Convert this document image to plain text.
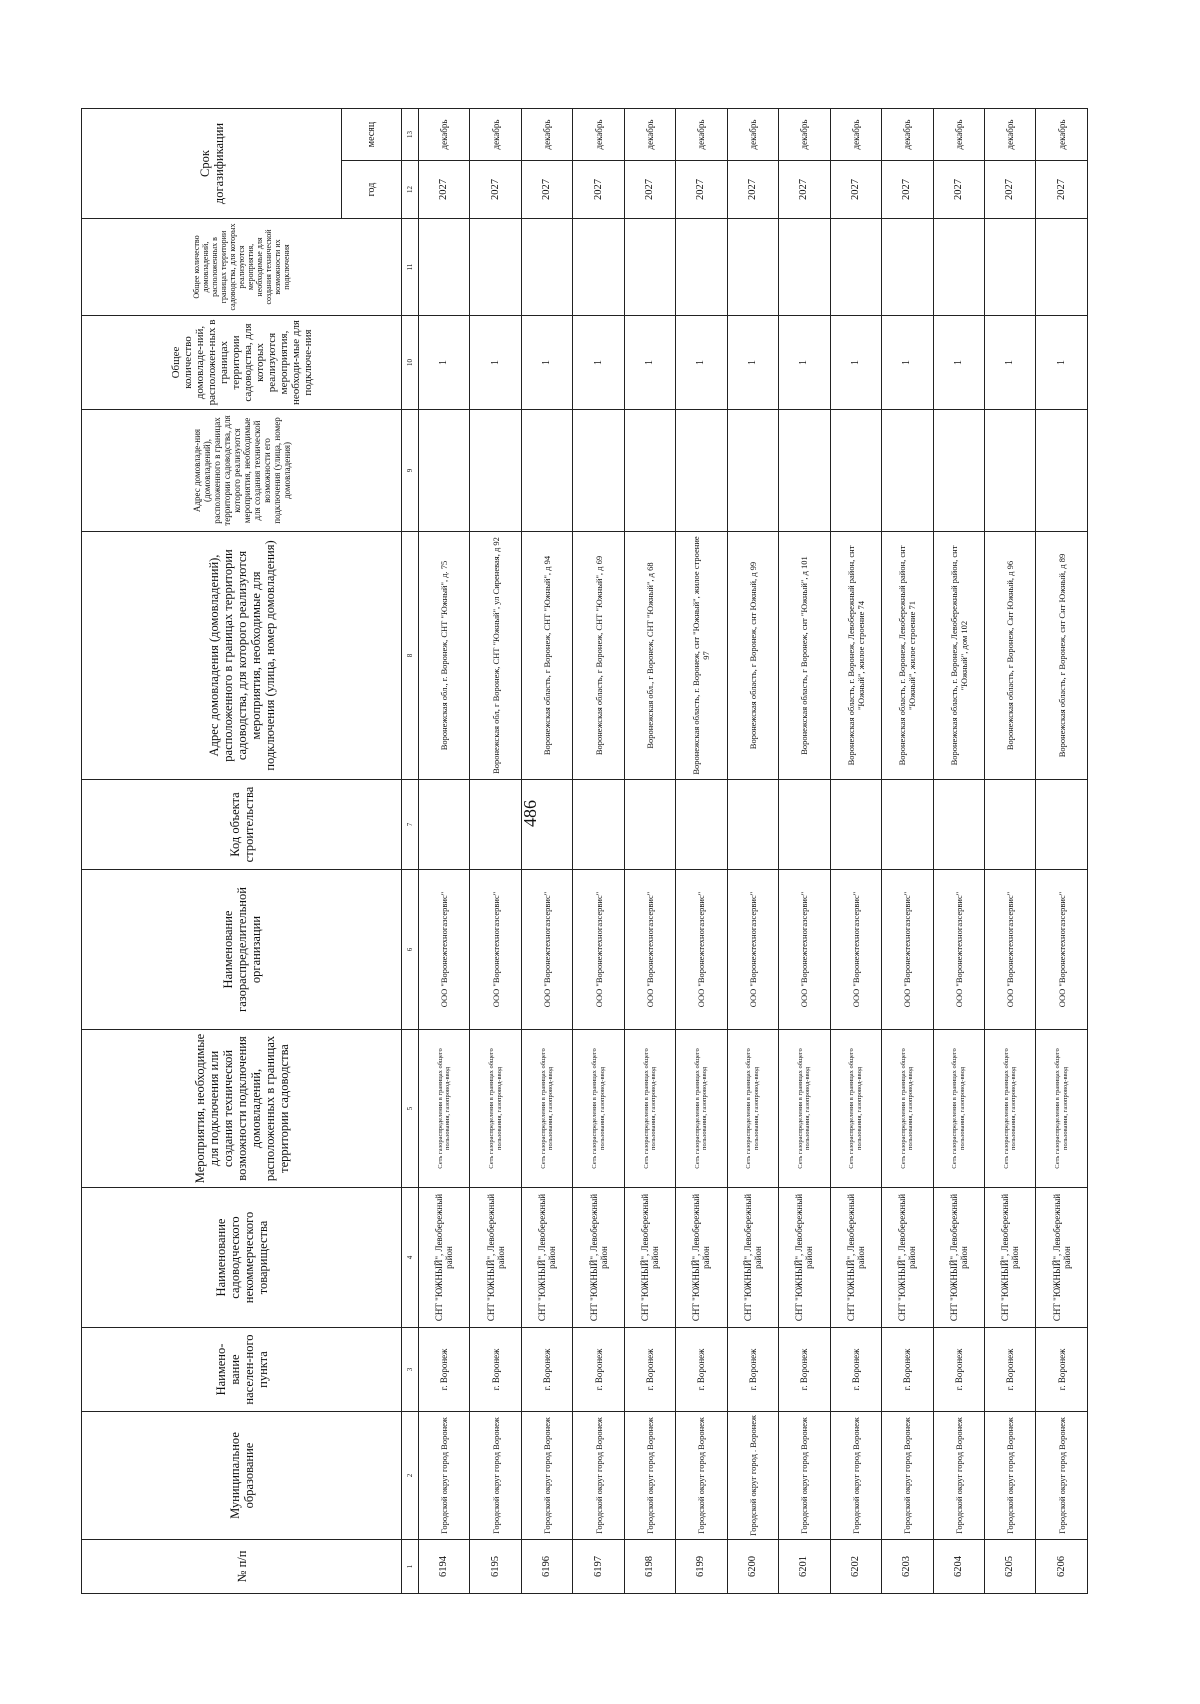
486
№ п/п	Муниципальное образование	Наимено-вание населен-ного пункта	Наименование садоводческого некоммерческого товарищества	Мероприятия, необходимые для подключения или создания технической возможности подключения домовладений, расположенных в границах территории садоводства	Наименование газораспределительной организации	Код объекта строительства	Адрес домовладения (домовладений), расположенного в границах территории садоводства, для которого реализуются мероприятия, необходимые для подключения (улица, номер домовладения)	Адрес домовладе-ния (домовладений), расположенного в границах территории садоводства, для которого реализуются мероприятия, необходимые для создания технической возможности его подключения (улица, номер домовладения)	Общее количество домовладе-ний, расположен-ных в границах территории садоводства, для которых реализуются мероприятия, необходи-мые для подключе-ния	Общее количество домовладений, расположенных в границах территории садоводства, для которых реализуются мероприятия, необходимые для создания технической возможности их подключения	Срок догазификации	
											год	месяц
1	2	3	4	5	6	7	8	9	10	11	12	13
6194	Городской округ город Воронеж	г. Воронеж	СНТ "ЮЖНЫЙ", Левобережный район	Сеть газораспределения в границах общего пользования, газопровод-ввод	ООО "Воронежтехногазсервис"		Воронежская обл., г. Воронеж, СНТ "Южный", д. 75		1		2027	декабрь
6195	Городской округ город Воронеж	г. Воронеж	СНТ "ЮЖНЫЙ", Левобережный район	Сеть газораспределения в границах общего пользования, газопровод-ввод	ООО "Воронежтехногазсервис"		Воронежская обл, г Воронеж, СНТ "Южный", ул Сиреневая, д 92		1		2027	декабрь
6196	Городской округ город Воронеж	г. Воронеж	СНТ "ЮЖНЫЙ", Левобережный район	Сеть газораспределения в границах общего пользования, газопровод-ввод	ООО "Воронежтехногазсервис"		Воронежская область, г Воронеж, СНТ "Южный", д 94		1		2027	декабрь
6197	Городской округ город Воронеж	г. Воронеж	СНТ "ЮЖНЫЙ", Левобережный район	Сеть газораспределения в границах общего пользования, газопровод-ввод	ООО "Воронежтехногазсервис"		Воронежская область, г Воронеж, СНТ "Южный", д 69		1		2027	декабрь
6198	Городской округ город Воронеж	г. Воронеж	СНТ "ЮЖНЫЙ", Левобережный район	Сеть газораспределения в границах общего пользования, газопровод-ввод	ООО "Воронежтехногазсервис"		Воронежская обл., г Воронеж, СНТ "Южный", д 68		1		2027	декабрь
6199	Городской округ город Воронеж	г. Воронеж	СНТ "ЮЖНЫЙ", Левобережный район	Сеть газораспределения в границах общего пользования, газопровод-ввод	ООО "Воронежтехногазсервис"		Воронежская область, г. Воронеж, снт "Южный", жилое строение 97		1		2027	декабрь
6200	Городской округ город . Воронеж	г. Воронеж	СНТ "ЮЖНЫЙ", Левобережный район	Сеть газораспределения в границах общего пользования, газопровод-ввод	ООО "Воронежтехногазсервис"		Воронежская область, г Воронеж, снт Южный, д 99		1		2027	декабрь
6201	Городской округ город Воронеж	г. Воронеж	СНТ "ЮЖНЫЙ", Левобережный район	Сеть газораспределения в границах общего пользования, газопровод-ввод	ООО "Воронежтехногазсервис"		Воронежская область, г Воронеж, снт "Южный", д 101		1		2027	декабрь
6202	Городской округ город Воронеж	г. Воронеж	СНТ "ЮЖНЫЙ", Левобережный район	Сеть газораспределения в границах общего пользования, газопровод-ввод	ООО "Воронежтехногазсервис"		Воронежская область, г. Воронеж, Левобережный район, снт "Южный", жилое строение 74		1		2027	декабрь
6203	Городской округ город Воронеж	г. Воронеж	СНТ "ЮЖНЫЙ", Левобережный район	Сеть газораспределения в границах общего пользования, газопровод-ввод	ООО "Воронежтехногазсервис"		Воронежская область, г. Воронеж, Левобережный район, снт "Южный", жилое строение 71		1		2027	декабрь
6204	Городской округ город Воронеж	г. Воронеж	СНТ "ЮЖНЫЙ", Левобережный район	Сеть газораспределения в границах общего пользования, газопровод-ввод	ООО "Воронежтехногазсервис"		Воронежская область, г. Воронеж, Левобережный район, снт "Южный", дом 102		1		2027	декабрь
6205	Городской округ город Воронеж	г. Воронеж	СНТ "ЮЖНЫЙ", Левобережный район	Сеть газораспределения в границах общего пользования, газопровод-ввод	ООО "Воронежтехногазсервис"		Воронежская область, г Воронеж, Снт Южный, д 96		1		2027	декабрь
6206	Городской округ город Воронеж	г. Воронеж	СНТ "ЮЖНЫЙ", Левобережный район	Сеть газораспределения в границах общего пользования, газопровод-ввод	ООО "Воронежтехногазсервис"		Воронежская область, г Воронеж, снт Снт Южный, д 89		1		2027	декабрь
